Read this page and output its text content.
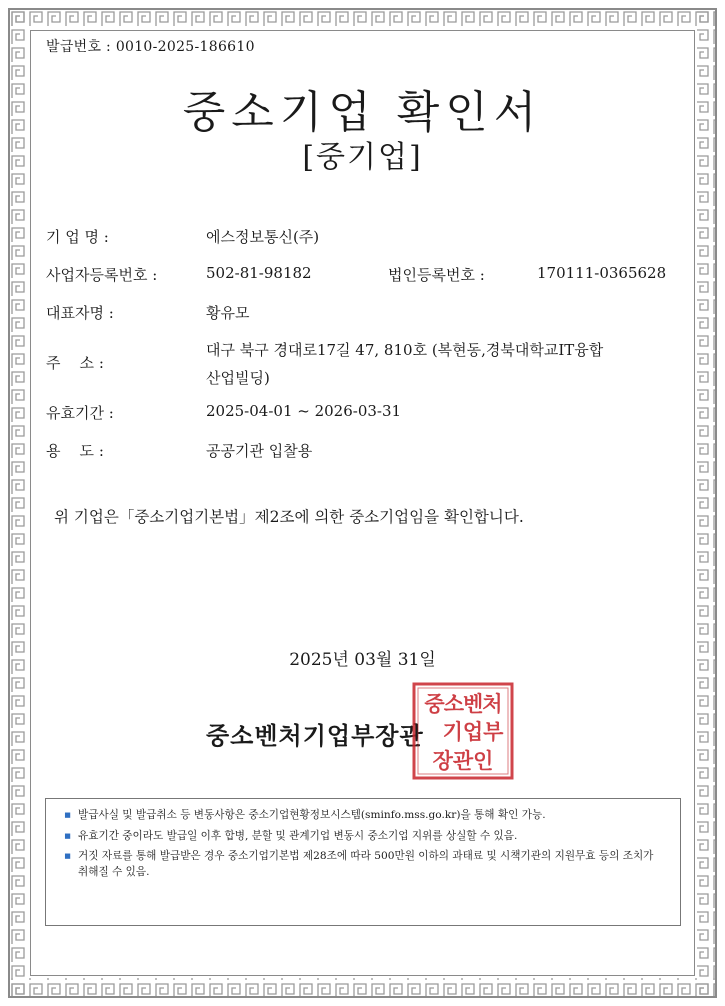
발급번호 : 0010-2025-186610
중소기업 확인서
[중기업]
기 업 명 :	에스정보통신(주)
사업자등록번호 :	502-81-98182	법인등록번호 :	170111-0365628
대표자명 :	황유모
주    소 :
대구 북구 경대로17길 47, 810호 (복현동,경북대학교IT융합
산업빌딩)
유효기간 :	2025-04-01 ~ 2026-03-31
용    도 :	공공기관 입찰용
위 기업은「중소기업기본법」제2조에 의한 중소기업임을 확인합니다.
2025년 03월 31일
중소벤처기업부장관
중소벤처
기업부
장관인
▪ 발급사실 및 발급취소 등 변동사항은 중소기업현황정보시스템(sminfo.mss.go.kr)을 통해 확인 가능.
▪ 유효기간 중이라도 발급일 이후 합병, 분할 및 관계기업 변동시 중소기업 지위를 상실할 수 있음.
▪ 거짓 자료를 통해 발급받은 경우 중소기업기본법 제28조에 따라 500만원 이하의 과태료 및 시책기관의 지원무효 등의 조치가 취해질 수 있음.
